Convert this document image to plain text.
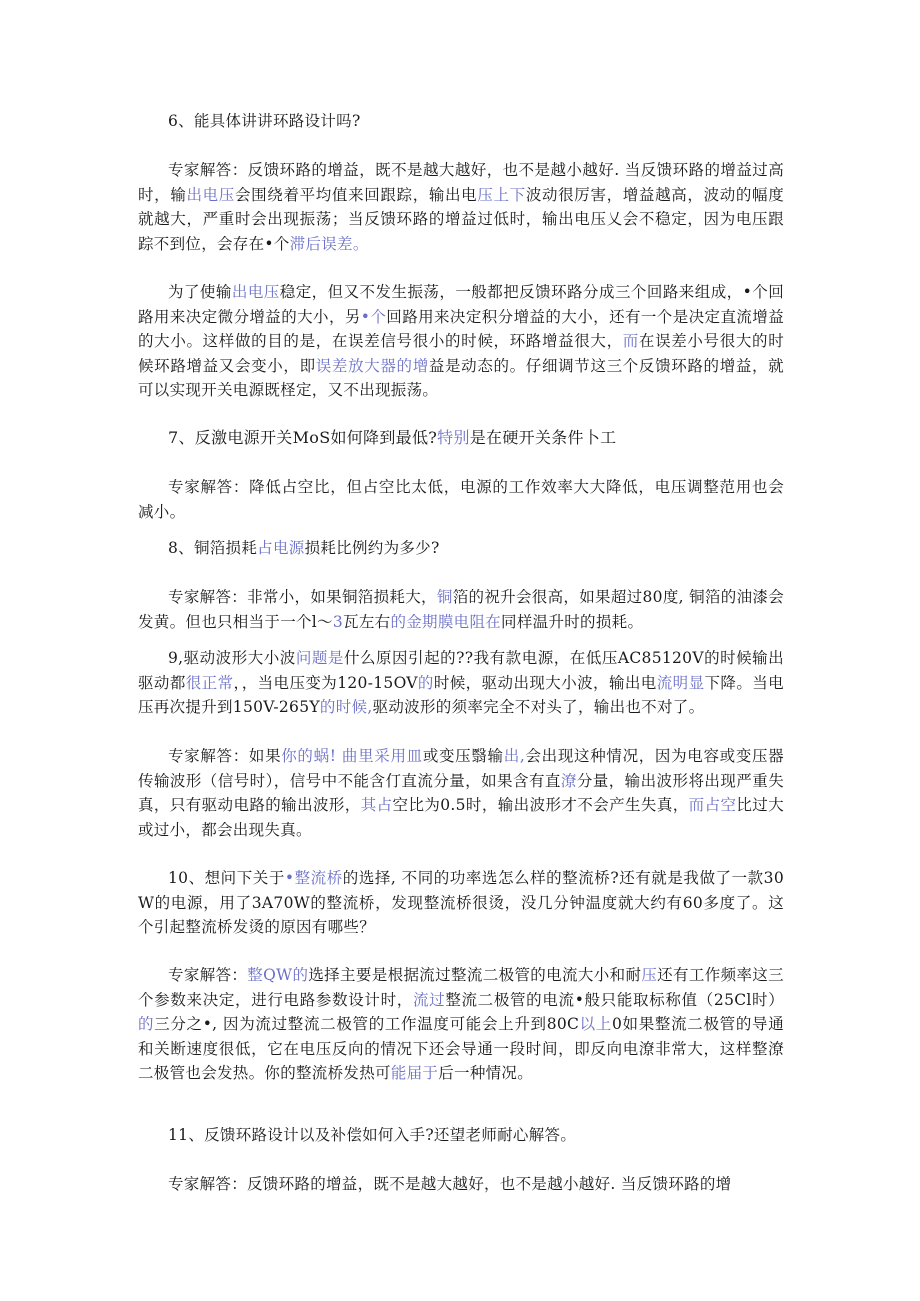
6、能具体讲讲环路设计吗?

专家解答：反馈环路的增益，既不是越大越好，也不是越小越好. 当反馈环路的增益过高时，输出电压会围绕着平均值来回跟踪，输出电压上下波动很厉害，增益越高，波动的幅度就越大，严重时会出现振荡；当反馈环路的增益过低时，输出电压乂会不稳定，因为电压跟踪不到位，会存在•个滞后误差。

为了使输出电压稳定，但又不发生振荡，一般都把反馈环路分成三个回路来组成，•个回路用来决定微分增益的大小，另•个回路用来决定积分增益的大小，还有一个是决定直流增益的大小。这样做的目的是，在误差信号很小的时候，环路增益很大，而在误差小号很大的时候环路增益又会变小，即误差放大器的增益是动态的。仔细调节这三个反馈环路的增益，就可以实现开关电源既柽定，又不出现振荡。

7、反激电源开关MoS如何降到最低?特别是在硬开关条件卜工

专家解答：降低占空比，但占空比太低，电源的工作效率大大降低，电压调整范用也会减小。

8、铜箔损耗占电源损耗比例约为多少?

专家解答：非常小，如果铜箔损耗大，铜箔的祝升会很高，如果超过80度, 铜箔的油漆会发黄。但也只相当于一个l〜3瓦左右的金期膜电阻在同样温升时的损耗。

9,驱动波形大小波问题是什么原因引起的??我有款电源，在低压AC85120V的时候输出驱动都很正常，，当电压变为120-15OV的时候，驱动出现大小波，输出电流明显下降。当电压再次提升到150V-265Y的时候,驱动波形的须率完全不对头了，输出也不对了。

专家解答：如果你的蜗! 曲里采用皿或变压翳输出,会出现这种情况，因为电容或变压器传输波形（信号时），信号中不能含仃直流分量，如果含有直潦分量，输出波形将出现严重失真，只有驱动电路的输出波形，其占空比为0.5时，输出波形才不会产生失真，而占空比过大或过小，都会出现失真。

10、想问下关于•整流桥的选择, 不同的功率选怎么样的整流桥?还有就是我做了一款30W的电源，用了3A70W的整流桥，发现整流桥很烫，没几分钟温度就大约有60多度了。这个引起整流桥发烫的原因有哪些？

专家解答：整QW的选择主要是根据流过整流二极管的电流大小和耐压还有工作频率这三个参数来决定，进行电路参数设计时，流过整流二极管的电流•般只能取标称值（25Cl时）的三分之•, 因为流过整流二极管的工作温度可能会上升到80C以上0如果整流二极管的导通和关断速度很低，它在电压反向的情况下还会导通一段时间，即反向电潦非常大，这样整潦二极管也会发热。你的整流桥发热可能届于后一种情况。

11、反馈环路设计以及补偿如何入手?还望老师耐心解答。

专家解答：反馈环路的增益，既不是越大越好，也不是越小越好. 当反馈环路的增
